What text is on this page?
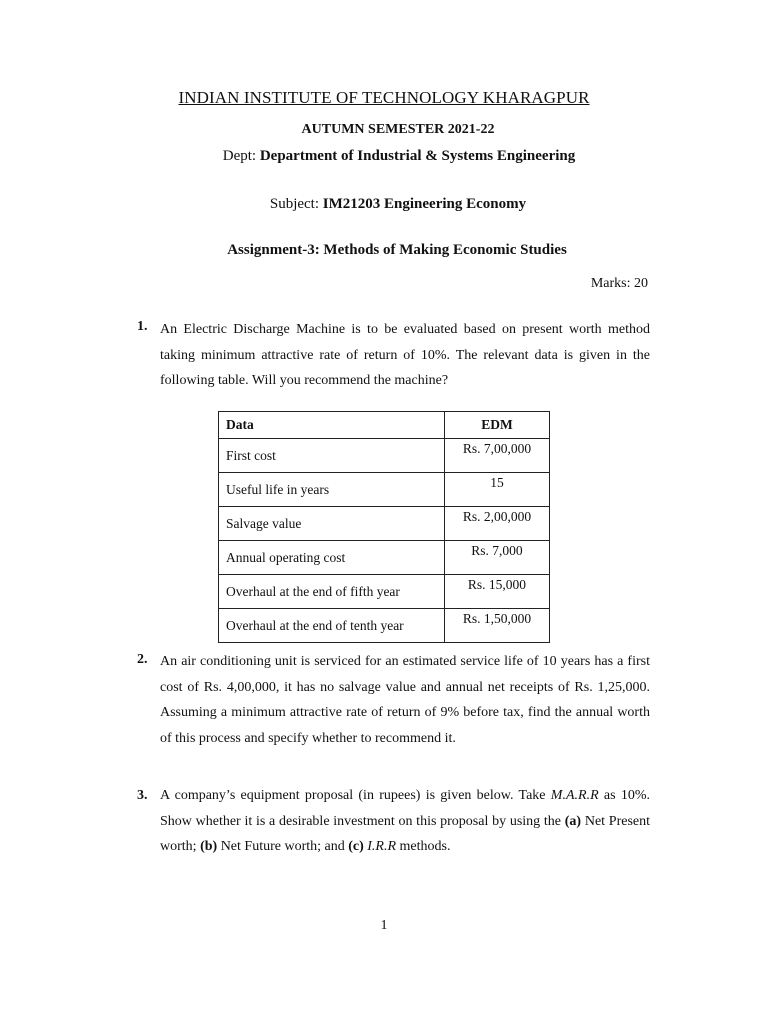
INDIAN INSTITUTE OF TECHNOLOGY KHARAGPUR
AUTUMN SEMESTER 2021-22
Dept: Department of Industrial & Systems Engineering
Subject: IM21203 Engineering Economy
Assignment-3: Methods of Making Economic Studies
Marks: 20
1. An Electric Discharge Machine is to be evaluated based on present worth method taking minimum attractive rate of return of 10%. The relevant data is given in the following table. Will you recommend the machine?
Data	EDM
First cost	Rs. 7,00,000
Useful life in years	15
Salvage value	Rs. 2,00,000
Annual operating cost	Rs. 7,000
Overhaul at the end of fifth year	Rs. 15,000
Overhaul at the end of tenth year	Rs. 1,50,000
2. An air conditioning unit is serviced for an estimated service life of 10 years has a first cost of Rs. 4,00,000, it has no salvage value and annual net receipts of Rs. 1,25,000. Assuming a minimum attractive rate of return of 9% before tax, find the annual worth of this process and specify whether to recommend it.
3. A company’s equipment proposal (in rupees) is given below. Take M.A.R.R as 10%. Show whether it is a desirable investment on this proposal by using the (a) Net Present worth; (b) Net Future worth; and (c) I.R.R methods.
1
